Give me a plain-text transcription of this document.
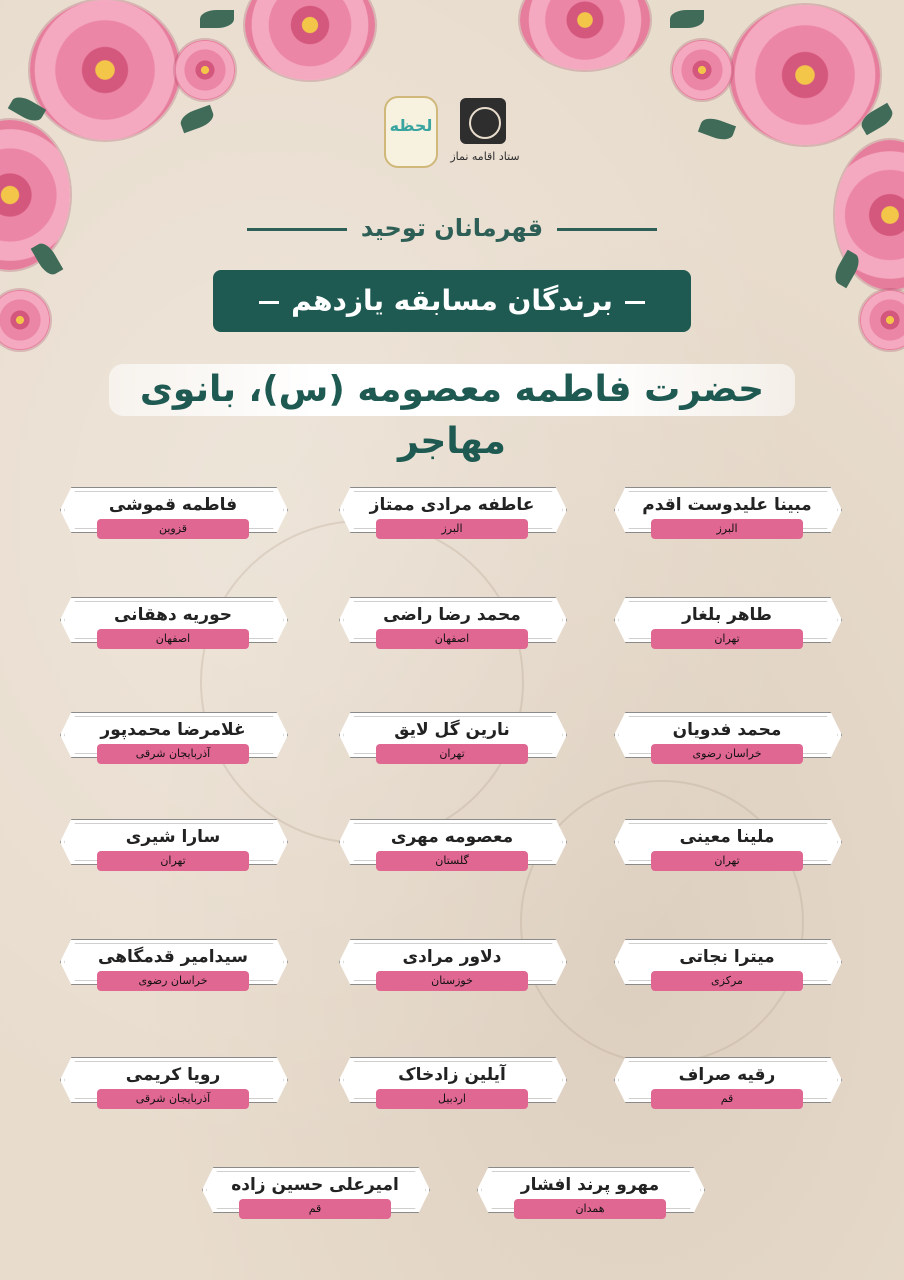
لحظه
ستاد اقامه نماز
قهرمانان توحید
برندگان مسابقه یازدهم
حضرت فاطمه معصومه (س)، بانوی مهاجر
مبینا علیدوست اقدم
البرز
عاطفه مرادی ممتاز
البرز
فاطمه قموشی
قزوین
طاهر بلغار
تهران
محمد رضا راضی
اصفهان
حوریه دهقانی
اصفهان
محمد فدویان
خراسان رضوی
نارین گل لایق
تهران
غلامرضا محمدپور
آذربایجان شرقی
ملینا معینی
تهران
معصومه مهری
گلستان
سارا شیری
تهران
میترا نجاتی
مرکزی
دلاور مرادی
خوزستان
سیدامیر قدمگاهی
خراسان رضوی
رقیه صراف
قم
آیلین زادخاک
اردبیل
رویا کریمی
آذربایجان شرقی
مهرو پرند افشار
همدان
امیرعلی حسین زاده
قم
